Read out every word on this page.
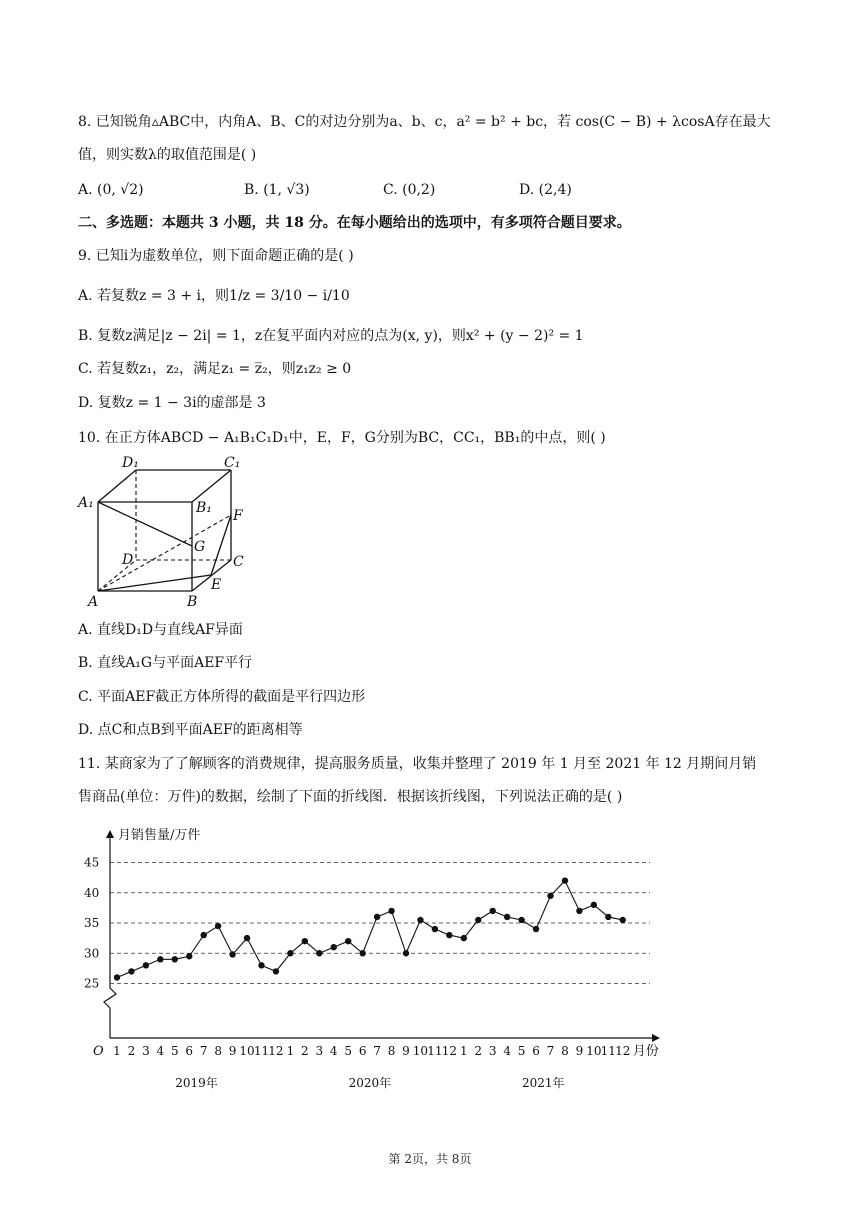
8. 已知锐角▵ABC中，内角A、B、C的对边分别为a、b、c，a² = b² + bc，若 cos(C − B) + λcosA存在最大
值，则实数λ的取值范围是( )
A. (0, √2)	B. (1, √3)	C. (0,2)	D. (2,4)
二、多选题：本题共 3 小题，共 18 分。在每小题给出的选项中，有多项符合题目要求。
9. 已知i为虚数单位，则下面命题正确的是( )
A. 若复数z = 3 + i，则1/z = 3/10 − i/10
B. 复数z满足|z − 2i| = 1，z在复平面内对应的点为(x, y)，则x² + (y − 2)² = 1
C. 若复数z₁，z₂，满足z₁ = z̅₂，则z₁z₂ ≥ 0
D. 复数z = 1 − 3i的虚部是 3
10. 在正方体ABCD − A₁B₁C₁D₁中，E，F，G分别为BC，CC₁，BB₁的中点，则( )
D₁	C₁
A₁	B₁ F
G
D	C
E
A	B
A. 直线D₁D与直线AF异面
B. 直线A₁G与平面AEF平行
C. 平面AEF截正方体所得的截面是平行四边形
D. 点C和点B到平面AEF的距离相等
11. 某商家为了了解顾客的消费规律，提高服务质量，收集并整理了 2019 年 1 月至 2021 年 12 月期间月销
售商品(单位：万件)的数据，绘制了下面的折线图．根据该折线图，下列说法正确的是( )
月销售量/万件
O
25
30
35
40
45
1 2 3 4 5 6 7 8 9 10 11 12 1 2 3 4 5 6 7 8 9 10 11 12 1 2 3 4 5 6 7 8 9 10 11 12 月份
2019年	2020年	2021年
第 2页，共 8页
